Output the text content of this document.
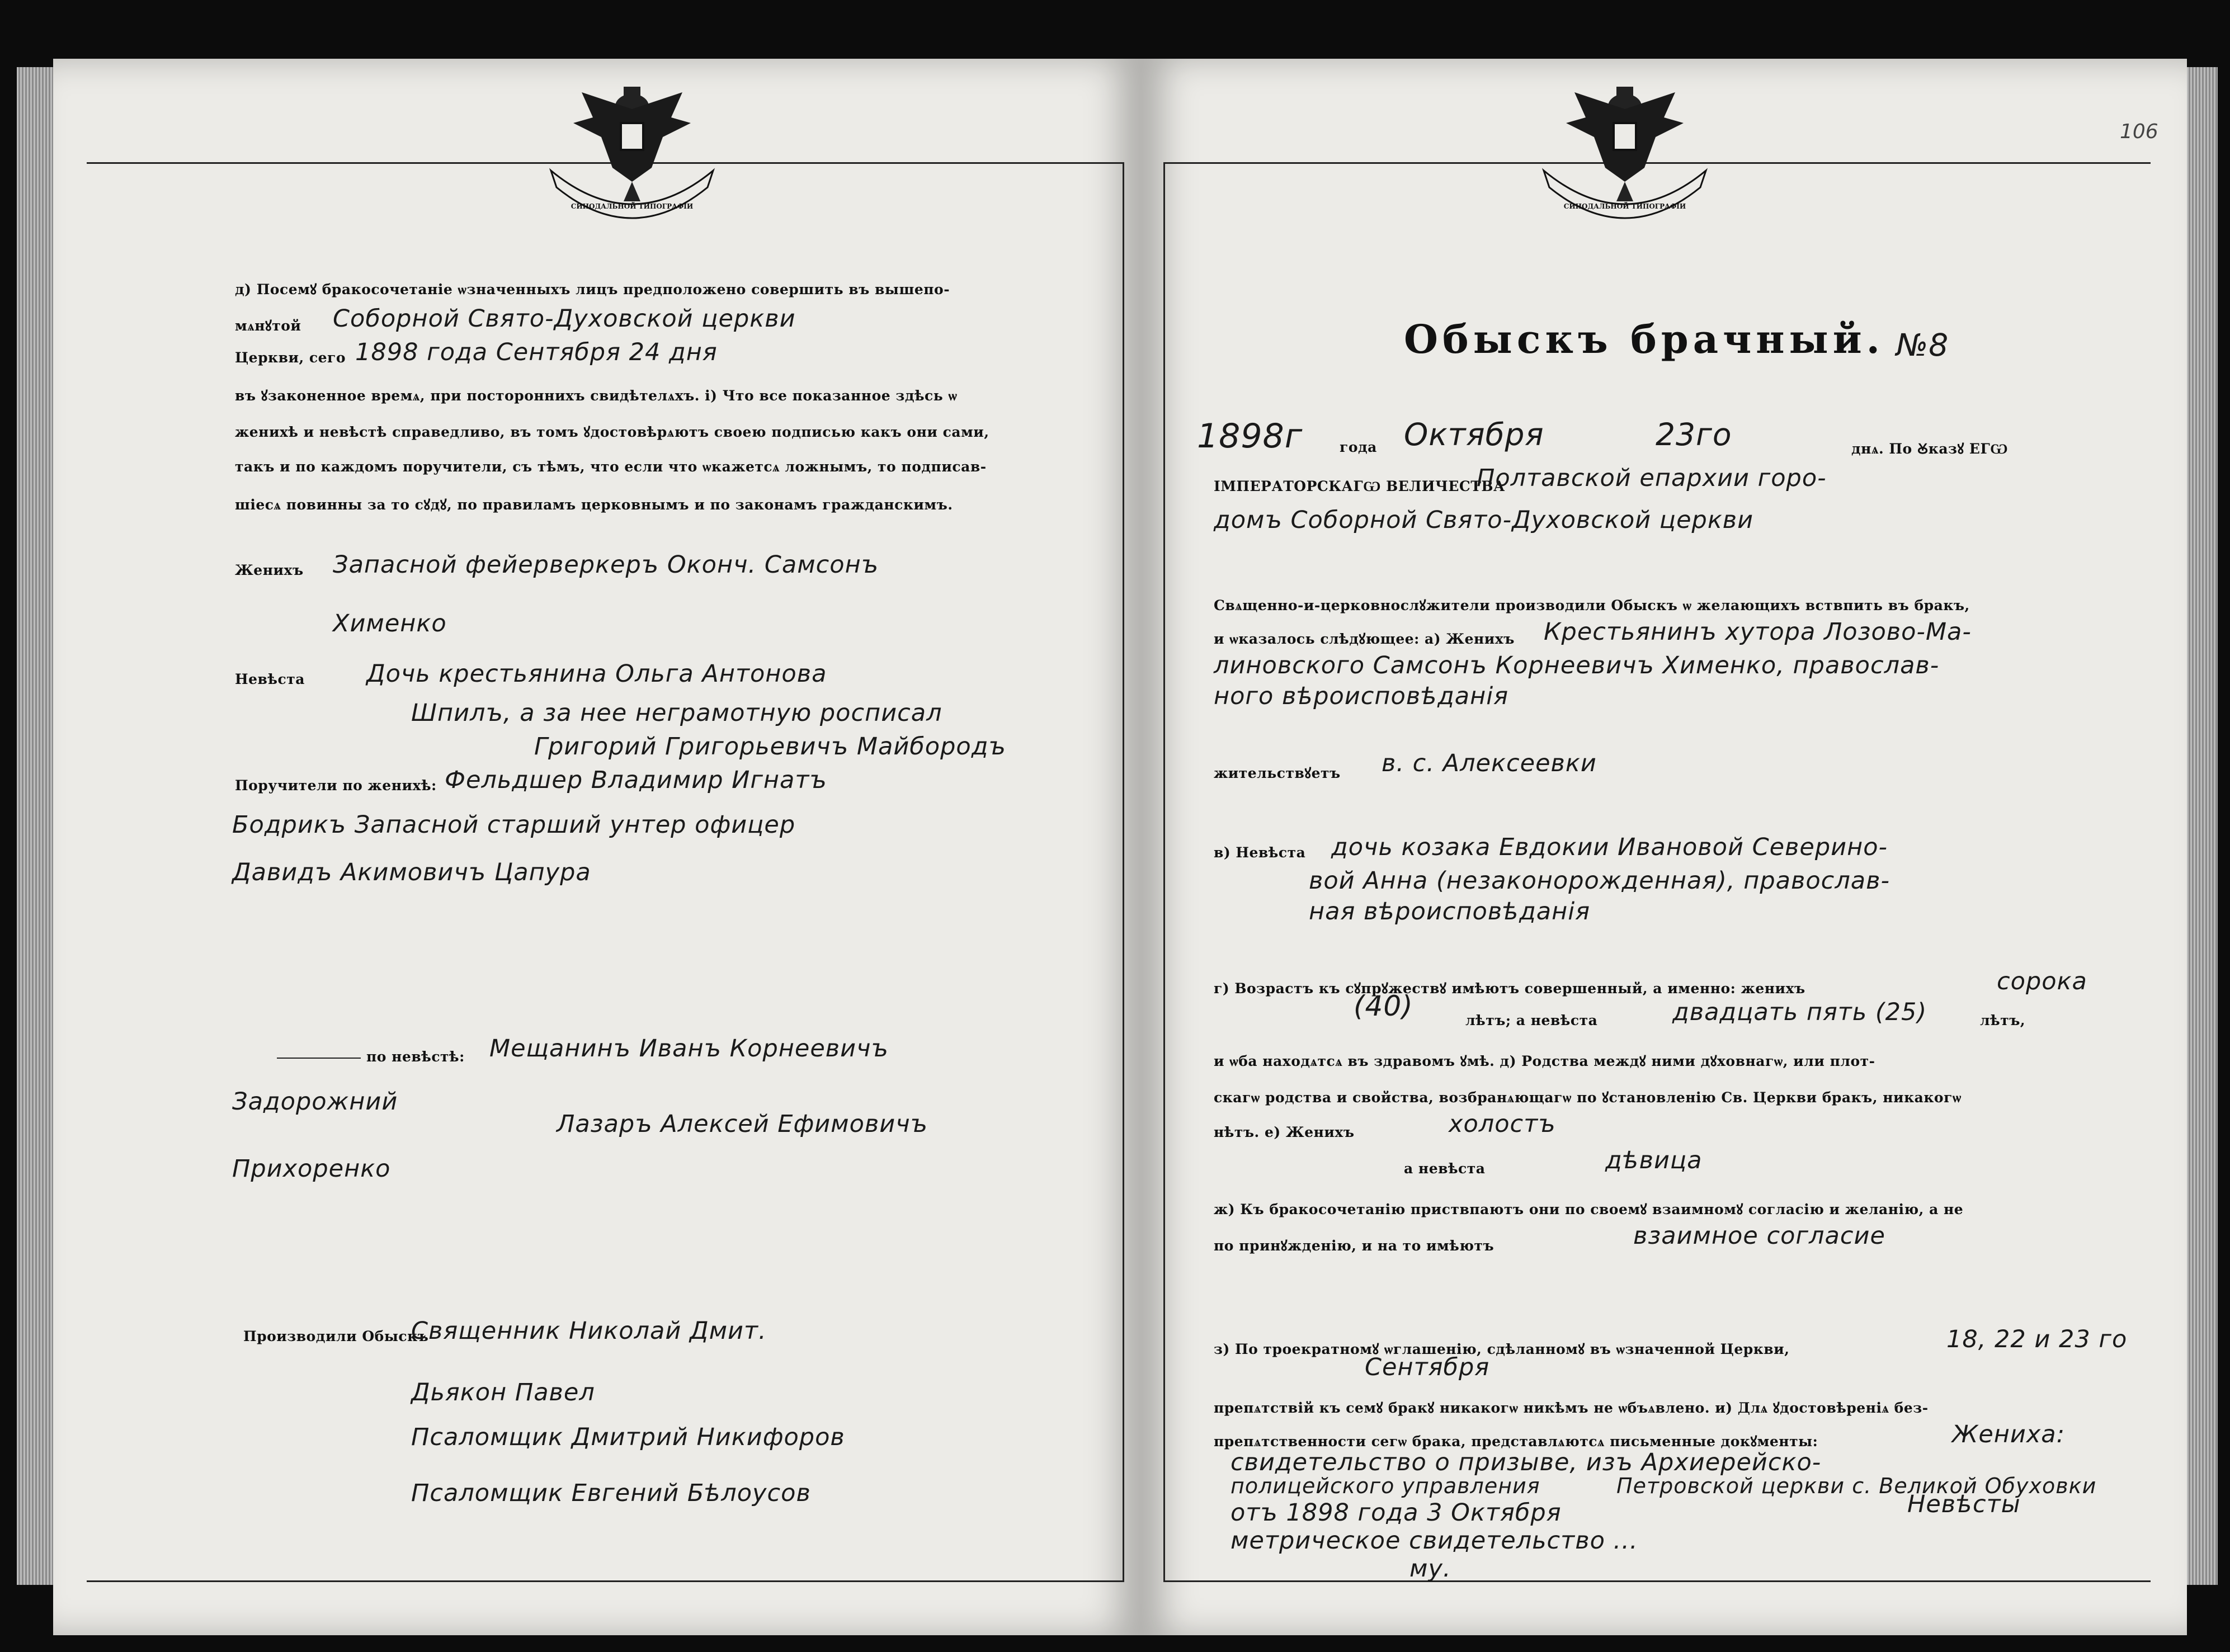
СИНОДАЛЬНОЙ ТИПОГРАФІИ
д) Посемꙋ бракосочетаніе ѡзначенныхъ лицъ предположено совершить въ вышепо-
мѧнꙋтой Соборной Свято-Духовской церкви
Церкви, сего 1898 года Сентября 24 дня
въ ꙋзаконенное времѧ, при постороннихъ свидѣтелѧхъ. і) Что все показанное здѣсь ѡ
женихѣ и невѣстѣ справедливо, въ томъ ꙋдостовѣрѧютъ своею подписью какъ они сами,
такъ и по каждомъ поручители, съ тѣмъ, что если что ѡкажетсѧ ложнымъ, то подписав-
шіесѧ повинны за то сꙋдꙋ, по правиламъ церковнымъ и по законамъ гражданскимъ.
Женихъ Запасной фейерверкеръ Оконч. Самсонъ
Хименко
Невѣста	Дочь крестьянина Ольга Антонова
Шпилъ, а за нее неграмотную росписал
Григорий Григорьевичъ Майбородъ
Поручители по женихѣ: Фельдшер Владимир Игнатъ
Бодрикъ Запасной старший унтер офицер
Давидъ Акимовичъ Цапура
по невѣстѣ: Мещанинъ Иванъ Корнеевичъ
Задорожний
Лазаръ Алексей Ефимовичъ
Прихоренко
Производили Обыскъ
Священник Николай Дмит.
Дьякон Павел
Псаломщик Дмитрий Никифоров
Псаломщик Евгений Бѣлоусов
106
СИНОДАЛЬНОЙ ТИПОГРАФІИ
Обыскъ брачный. №8
1898г	года Октября	23го	днѧ. По Ꙋказꙋ ЕГѠ
ІМПЕРАТОРСКАГѠ ВЕЛИЧЕСТВА
Полтавской епархии горо-
домъ Соборной Свято-Духовской церкви
Свѧщенно-и-церковнослꙋжители производили Обыскъ ѡ желающихъ вствпить въ бракъ,
и ѡказалось слѣдꙋющее: а) Женихъ Крестьянинъ хутора Лозово-Ма-
линовского Самсонъ Корнеевичъ Хименко, православ-
ного вѣроисповѣданія
жительствꙋетъ в. с. Алексеевки
в) Невѣста дочь козака Евдокии Ивановой Северино-
вой Анна (незаконорожденная), православ-
ная вѣроисповѣданія
г) Возрастъ къ сꙋпрꙋжествꙋ имѣютъ совершенный, а именно: женихъ	сорока
(40)	лѣтъ; а невѣста	двадцать пять (25)	лѣтъ,
и ѡба находѧтсѧ въ здравомъ ꙋмѣ. д) Родства междꙋ ними дꙋховнагѡ, или плот-
скагѡ родства и свойства, возбранѧющагѡ по ꙋстановленію Св. Церкви бракъ, никакогѡ
нѣтъ. е) Женихъ	холостъ
а невѣста	дѣвица
ж) Къ бракосочетанію приствпаютъ они по своемꙋ взаимномꙋ согласію и желанію, а не
по принꙋжденію, и на то имѣютъ	взаимное согласие
з) По троекратномꙋ ѡглашенію, сдѣланномꙋ въ ѡзначенной Церкви,	18, 22 и 23 го
Сентября
препѧтствій къ семꙋ бракꙋ никакогѡ никѣмъ не ѡбъѧвлено. и) Длѧ ꙋдостовѣреніѧ без-
препѧтственности сегѡ брака, представлѧютсѧ письменные докꙋменты:	Жениха:
свидетельство о призыве, изъ Архиерейско-
полицейского управления	Петровской церкви с. Великой Обуховки
отъ 1898 года 3 Октября	Невѣсты
метрическое свидетельство ...
му.
